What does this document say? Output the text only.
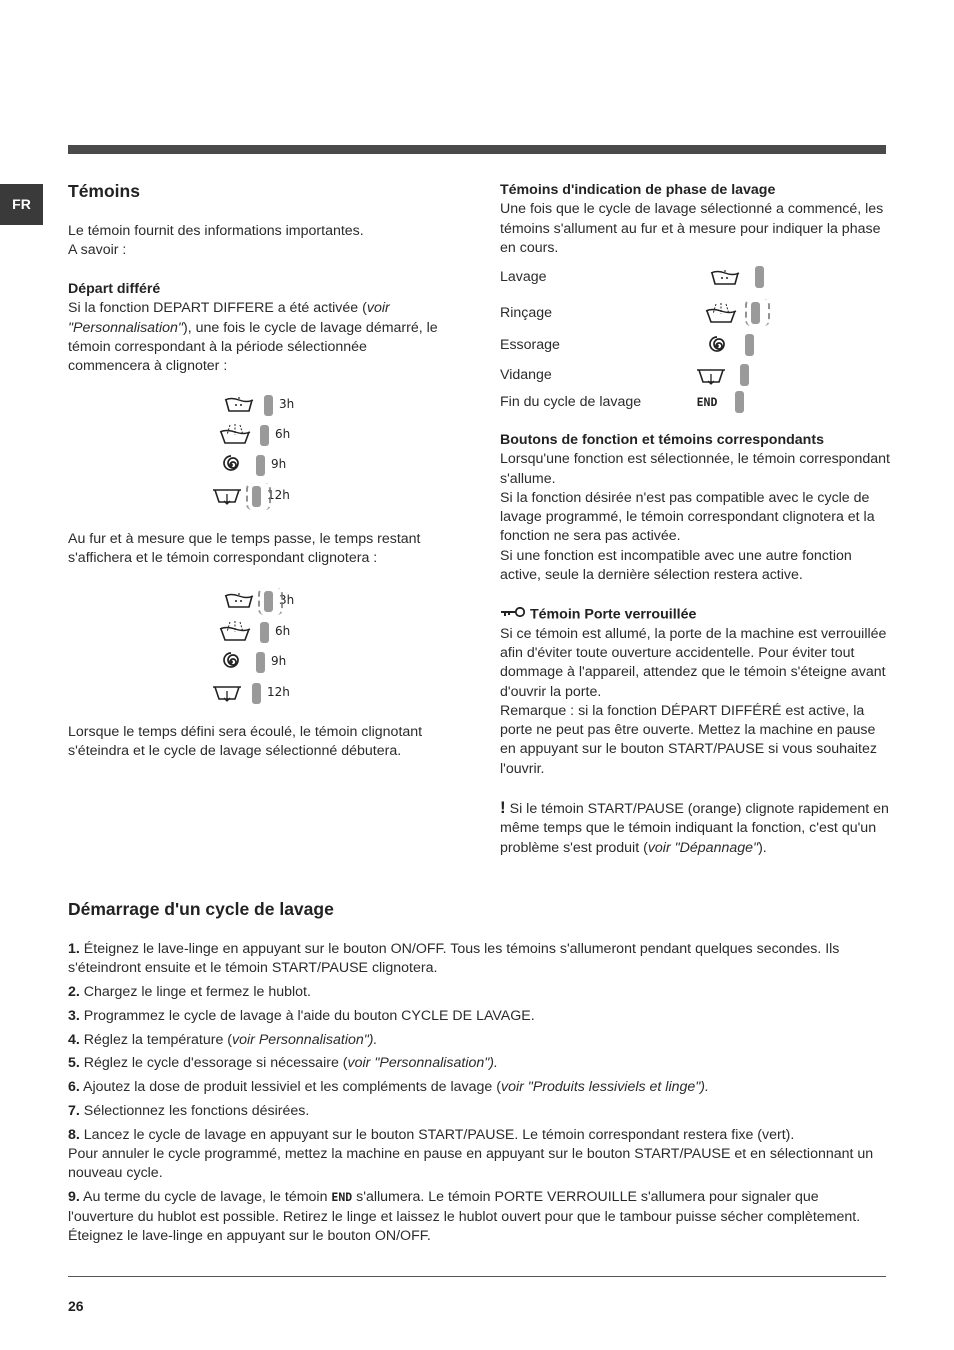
FR
Témoins

Le témoin fournit des informations importantes.

A savoir :

Départ différé

Si la fonction DEPART DIFFERE a été activée (voir "Personnalisation"), une fois le cycle de lavage démarré, le témoin correspondant à la période sélectionnée commencera à clignoter :

3h
6h
9h
12h

Au fur et à mesure que le temps passe, le temps restant s'affichera et le témoin correspondant clignotera :

3h
6h
9h
12h

Lorsque le temps défini sera écoulé, le témoin clignotant s'éteindra et le cycle de lavage sélectionné débutera.

Témoins d'indication de phase de lavage

Une fois que le cycle de lavage sélectionné a commencé, les témoins s'allument au fur et à mesure pour indiquer la phase en cours.

Lavage
Rinçage
Essorage
Vidange
Fin du cycle de lavage	END

Boutons de fonction et témoins correspondants

Lorsqu'une fonction est sélectionnée, le témoin correspondant s'allume.

Si la fonction désirée n'est pas compatible avec le cycle de lavage programmé, le témoin correspondant clignotera et la fonction ne sera pas activée.

Si une fonction est incompatible avec une autre fonction active, seule la dernière sélection restera active.

Témoin Porte verrouillée

Si ce témoin est allumé, la porte de la machine est verrouillée afin d'éviter toute ouverture accidentelle. Pour éviter tout dommage à l'appareil, attendez que le témoin s'éteigne avant d'ouvrir la porte.

Remarque : si la fonction DÉPART DIFFÉRÉ est active, la porte ne peut pas être ouverte. Mettez la machine en pause en appuyant sur le bouton START/PAUSE si vous souhaitez l'ouvrir.

! Si le témoin START/PAUSE (orange) clignote rapidement en même temps que le témoin indiquant la fonction, c'est qu'un problème s'est produit (voir "Dépannage").

Démarrage d'un cycle de lavage
1. Éteignez le lave-linge en appuyant sur le bouton ON/OFF. Tous les témoins s'allumeront pendant quelques secondes. Ils s'éteindront ensuite et le témoin START/PAUSE clignotera.
2. Chargez le linge et fermez le hublot.
3. Programmez le cycle de lavage à l'aide du bouton CYCLE DE LAVAGE.
4. Réglez la température (voir Personnalisation").
5. Réglez le cycle d'essorage si nécessaire (voir "Personnalisation").
6. Ajoutez la dose de produit lessiviel et les compléments de lavage (voir "Produits lessiviels et linge").
7. Sélectionnez les fonctions désirées.
8. Lancez le cycle de lavage en appuyant sur le bouton START/PAUSE. Le témoin correspondant restera fixe (vert).
Pour annuler le cycle programmé, mettez la machine en pause en appuyant sur le bouton START/PAUSE et en sélectionnant un nouveau cycle.
9. Au terme du cycle de lavage, le témoin END s'allumera. Le témoin PORTE VERROUILLE s'allumera pour signaler que l'ouverture du hublot est possible. Retirez le linge et laissez le hublot ouvert pour que le tambour puisse sécher complètement.
Éteignez le lave-linge en appuyant sur le bouton ON/OFF.
26
